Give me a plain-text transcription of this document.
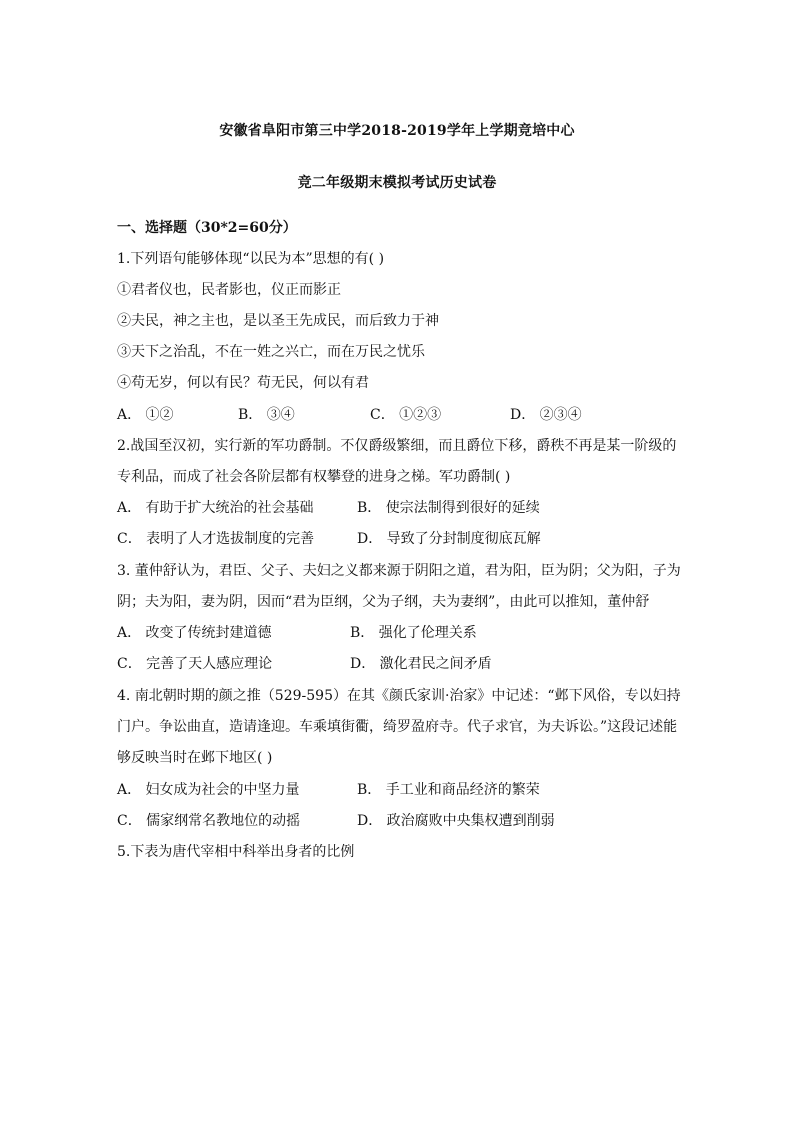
安徽省阜阳市第三中学2018-2019学年上学期竞培中心
竞二年级期末模拟考试历史试卷
一、选择题（30*2=60分）
1.下列语句能够体现“以民为本”思想的有( )
①君者仪也，民者影也，仪正而影正
②夫民，神之主也，是以圣王先成民，而后致力于神
③天下之治乱，不在一姓之兴亡，而在万民之忧乐
④苟无岁，何以有民？苟无民，何以有君
A． ①②	B． ③④	C． ①②③	D． ②③④
2.战国至汉初，实行新的军功爵制。不仅爵级繁细，而且爵位下移，爵秩不再是某一阶级的
专利品，而成了社会各阶层都有权攀登的进身之梯。军功爵制( )
A． 有助于扩大统治的社会基础	B． 使宗法制得到很好的延续
C． 表明了人才选拔制度的完善	D． 导致了分封制度彻底瓦解
3. 董仲舒认为，君臣、父子、夫妇之义都来源于阴阳之道，君为阳，臣为阴；父为阳，子为
阴；夫为阳，妻为阴，因而“君为臣纲，父为子纲，夫为妻纲”，由此可以推知，董仲舒
A． 改变了传统封建道德	B． 强化了伦理关系
C． 完善了天人感应理论	D． 激化君民之间矛盾
4. 南北朝时期的颜之推（529-595）在其《颜氏家训·治家》中记述：“邺下风俗，专以妇持
门户。争讼曲直，造请逢迎。车乘填街衢，绮罗盈府寺。代子求官，为夫诉讼。”这段记述能
够反映当时在邺下地区( )
A． 妇女成为社会的中坚力量	B． 手工业和商品经济的繁荣
C． 儒家纲常名教地位的动摇	D． 政治腐败中央集权遭到削弱
5.下表为唐代宰相中科举出身者的比例
